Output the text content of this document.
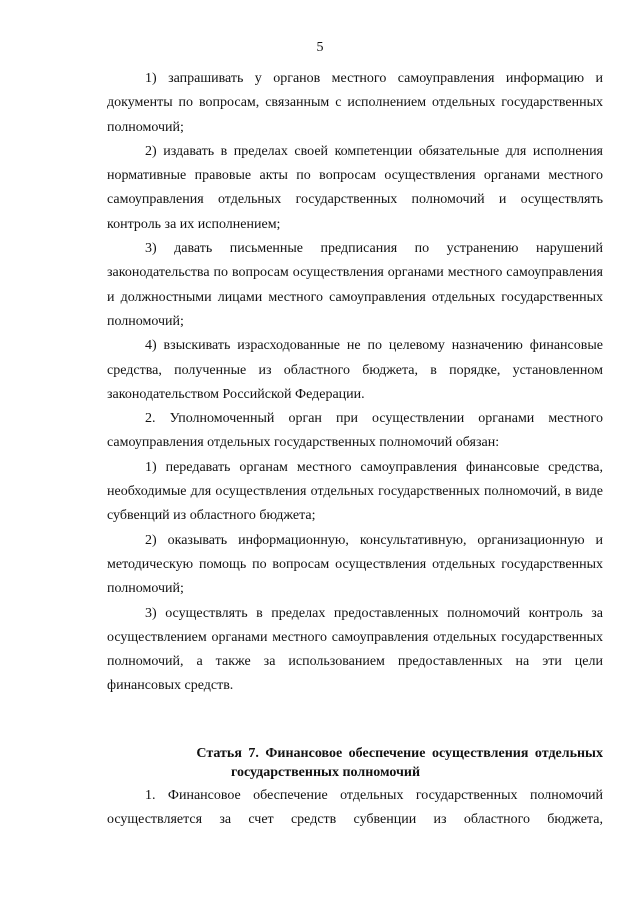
5

1) запрашивать у органов местного самоуправления информацию и документы по вопросам, связанным с исполнением отдельных государственных полномочий;

2) издавать в пределах своей компетенции обязательные для исполнения нормативные правовые акты по вопросам осуществления органами местного самоуправления отдельных государственных полномочий и осуществлять контроль за их исполнением;

3) давать письменные предписания по устранению нарушений законодательства по вопросам осуществления органами местного самоуправления и должностными лицами местного самоуправления отдельных государственных полномочий;

4) взыскивать израсходованные не по целевому назначению финансовые средства, полученные из областного бюджета, в порядке, установленном законодательством Российской Федерации.

2. Уполномоченный орган при осуществлении органами местного самоуправления отдельных государственных полномочий обязан:

1) передавать органам местного самоуправления финансовые средства, необходимые для осуществления отдельных государственных полномочий, в виде субвенций из областного бюджета;

2) оказывать информационную, консультативную, организационную и методическую помощь по вопросам осуществления отдельных государственных полномочий;

3) осуществлять в пределах предоставленных полномочий контроль за осуществлением органами местного самоуправления отдельных государственных полномочий, а также за использованием предоставленных на эти цели финансовых средств.

Статья 7. Финансовое обеспечение осуществления отдельных
государственных полномочий

1. Финансовое обеспечение отдельных государственных полномочий осуществляется за счет средств субвенции из областного бюджета,
